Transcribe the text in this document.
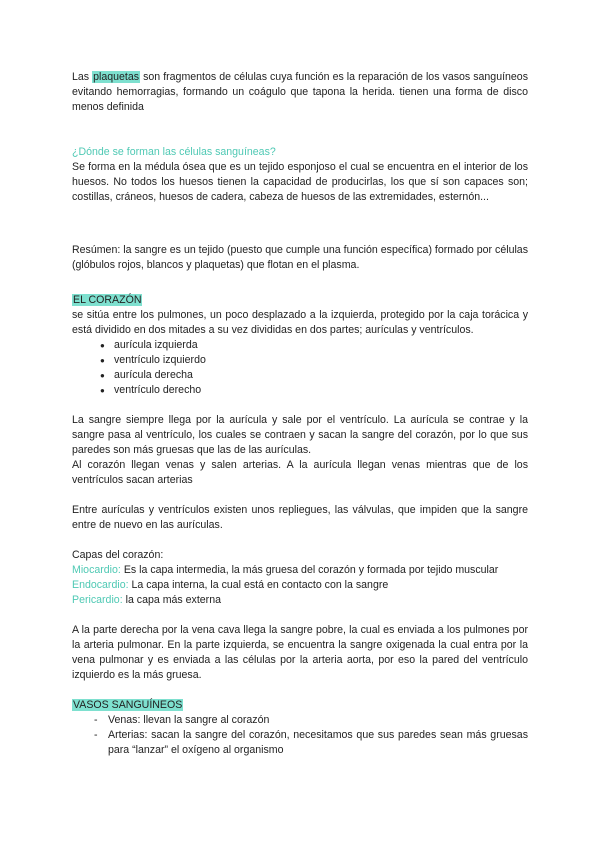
Las plaquetas son fragmentos de células cuya función es la reparación de los vasos sanguíneos evitando hemorragias, formando un coágulo que tapona la herida. tienen una forma de disco menos definida

¿Dónde se forman las células sanguíneas?

Se forma en la médula ósea que es un tejido esponjoso el cual se encuentra en el interior de los huesos. No todos los huesos tienen la capacidad de producirlas, los que sí son capaces son; costillas, cráneos, huesos de cadera, cabeza de huesos de las extremidades, esternón...

Resúmen: la sangre es un tejido (puesto que cumple una función específica) formado por células (glóbulos rojos, blancos y plaquetas) que flotan en el plasma.

EL CORAZÓN

se sitúa entre los pulmones, un poco desplazado a la izquierda, protegido por la caja torácica y está dividido en dos mitades a su vez divididas en dos partes; aurículas y ventrículos.

● aurícula izquierda
● ventrículo izquierdo
● aurícula derecha
● ventrículo derecho

La sangre siempre llega por la aurícula y sale por el ventrículo. La aurícula se contrae y la sangre pasa al ventrículo, los cuales se contraen y sacan la sangre del corazón, por lo que sus paredes son más gruesas que las de las aurículas.

Al corazón llegan venas y salen arterias. A la aurícula llegan venas mientras que de los ventrículos sacan arterias

Entre aurículas y ventrículos existen unos repliegues, las válvulas, que impiden que la sangre entre de nuevo en las aurículas.

Capas del corazón:

Miocardio: Es la capa intermedia, la más gruesa del corazón y formada por tejido muscular

Endocardio: La capa interna, la cual está en contacto con la sangre

Pericardio: la capa más externa

A la parte derecha por la vena cava llega la sangre pobre, la cual es enviada a los pulmones por la arteria pulmonar. En la parte izquierda, se encuentra la sangre oxigenada la cual entra por la vena pulmonar y es enviada a las células por la arteria aorta, por eso la pared del ventrículo izquierdo es la más gruesa.

VASOS SANGUÍNEOS

- Venas: llevan la sangre al corazón
- Arterias: sacan la sangre del corazón, necesitamos que sus paredes sean más gruesas para “lanzar” el oxígeno al organismo
